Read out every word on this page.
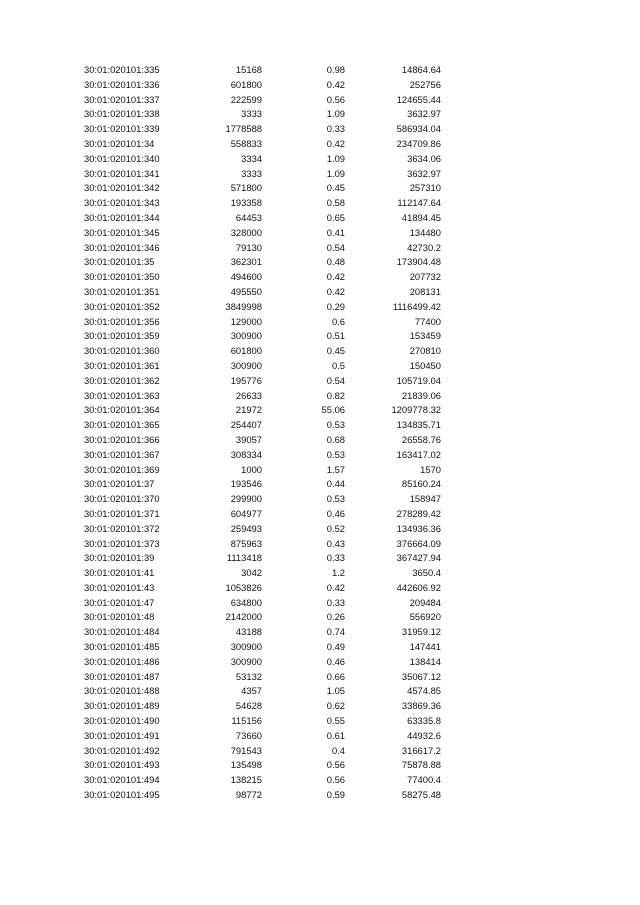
30:01:020101:335	15168	0.98	14864.64
30:01:020101:336	601800	0.42	252756
30:01:020101:337	222599	0.56	124655.44
30:01:020101:338	3333	1.09	3632.97
30:01:020101:339	1778588	0.33	586934.04
30:01:020101:34	558833	0.42	234709.86
30:01:020101:340	3334	1.09	3634.06
30:01:020101:341	3333	1.09	3632.97
30:01:020101:342	571800	0.45	257310
30:01:020101:343	193358	0.58	112147.64
30:01:020101:344	64453	0.65	41894.45
30:01:020101:345	328000	0.41	134480
30:01:020101:346	79130	0.54	42730.2
30:01:020101:35	362301	0.48	173904.48
30:01:020101:350	494600	0.42	207732
30:01:020101:351	495550	0.42	208131
30:01:020101:352	3849998	0.29	1116499.42
30:01:020101:356	129000	0.6	77400
30:01:020101:359	300900	0.51	153459
30:01:020101:360	601800	0.45	270810
30:01:020101:361	300900	0.5	150450
30:01:020101:362	195776	0.54	105719.04
30:01:020101:363	26633	0.82	21839.06
30:01:020101:364	21972	55.06	1209778.32
30:01:020101:365	254407	0.53	134835.71
30:01:020101:366	39057	0.68	26558.76
30:01:020101:367	308334	0.53	163417.02
30:01:020101:369	1000	1.57	1570
30:01:020101:37	193546	0.44	85160.24
30:01:020101:370	299900	0.53	158947
30:01:020101:371	604977	0.46	278289.42
30:01:020101:372	259493	0.52	134936.36
30:01:020101:373	875963	0.43	376664.09
30:01:020101:39	1113418	0.33	367427.94
30:01:020101:41	3042	1.2	3650.4
30:01:020101:43	1053826	0.42	442606.92
30:01:020101:47	634800	0.33	209484
30:01:020101:48	2142000	0.26	556920
30:01:020101:484	43188	0.74	31959.12
30:01:020101:485	300900	0.49	147441
30:01:020101:486	300900	0.46	138414
30:01:020101:487	53132	0.66	35067.12
30:01:020101:488	4357	1.05	4574.85
30:01:020101:489	54628	0.62	33869.36
30:01:020101:490	115156	0.55	63335.8
30:01:020101:491	73660	0.61	44932.6
30:01:020101:492	791543	0.4	316617.2
30:01:020101:493	135498	0.56	75878.88
30:01:020101:494	138215	0.56	77400.4
30:01:020101:495	98772	0.59	58275.48
